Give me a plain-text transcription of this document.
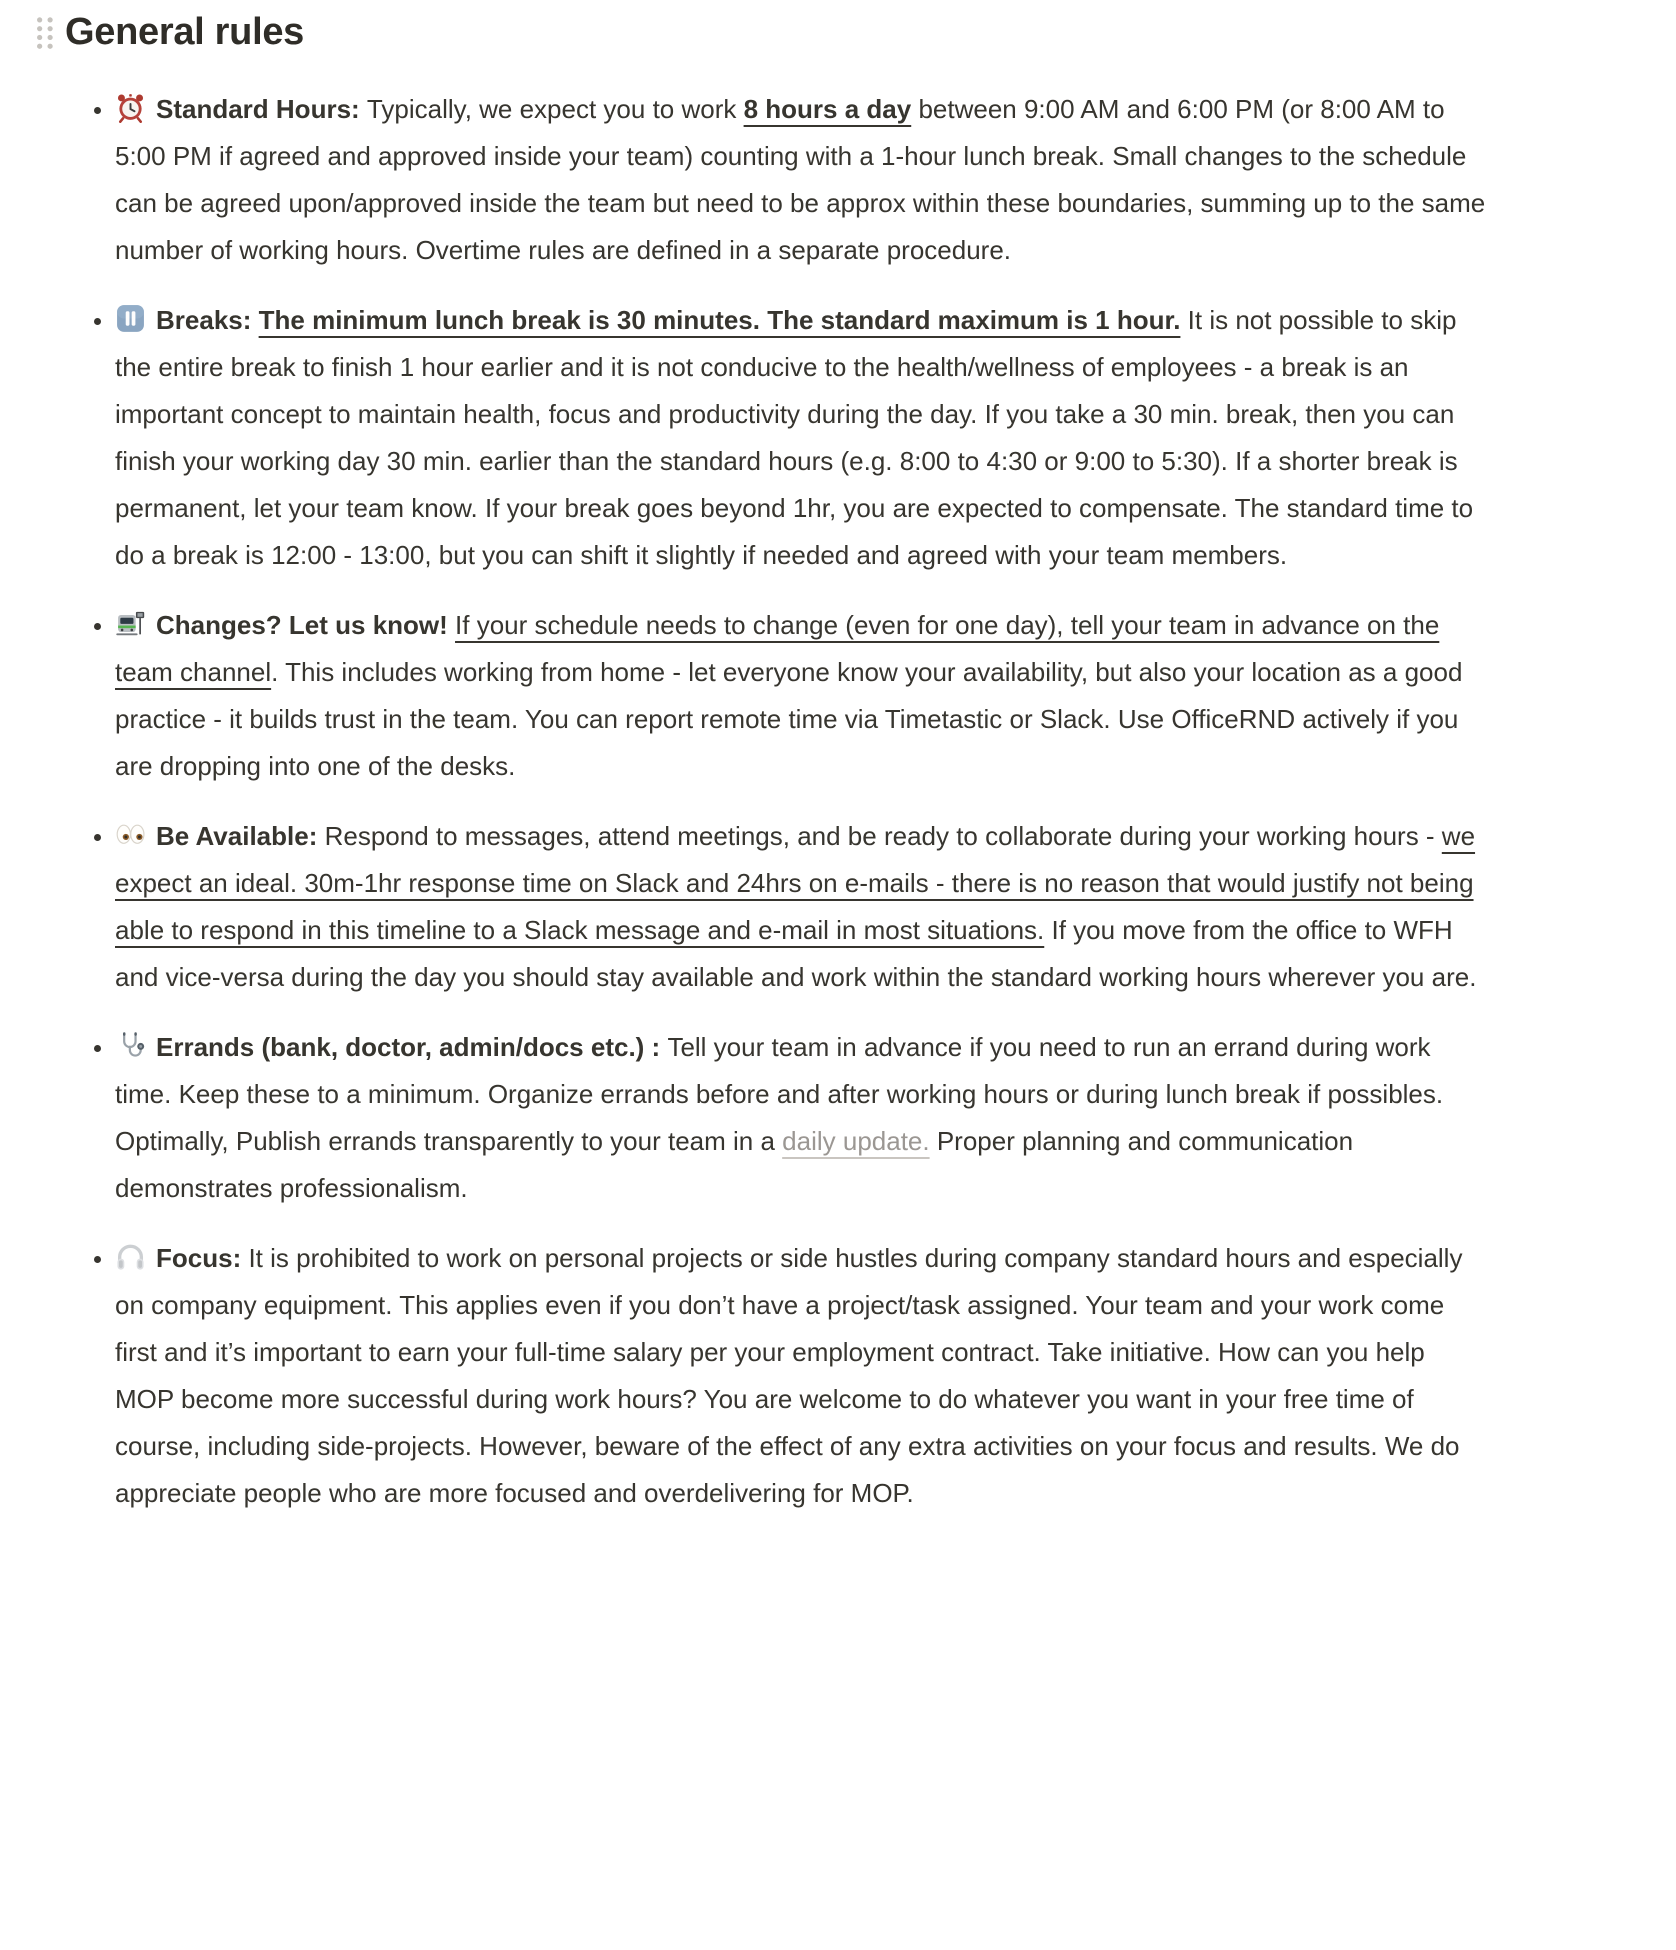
General rules
• Standard Hours: Typically, we expect you to work 8 hours a day between 9:00 AM and 6:00 PM (or 8:00 AM to 5:00 PM if agreed and approved inside your team) counting with a 1-hour lunch break. Small changes to the schedule can be agreed upon/approved inside the team but need to be approx within these boundaries, summing up to the same number of working hours. Overtime rules are defined in a separate procedure.
• Breaks: The minimum lunch break is 30 minutes. The standard maximum is 1 hour. It is not possible to skip the entire break to finish 1 hour earlier and it is not conducive to the health/wellness of employees - a break is an important concept to maintain health, focus and productivity during the day. If you take a 30 min. break, then you can finish your working day 30 min. earlier than the standard hours (e.g. 8:00 to 4:30 or 9:00 to 5:30). If a shorter break is permanent, let your team know. If your break goes beyond 1hr, you are expected to compensate. The standard time to do a break is 12:00 - 13:00, but you can shift it slightly if needed and agreed with your team members.
• Changes? Let us know! If your schedule needs to change (even for one day), tell your team in advance on the team channel. This includes working from home - let everyone know your availability, but also your location as a good practice - it builds trust in the team. You can report remote time via Timetastic or Slack. Use OfficeRND actively if you are dropping into one of the desks.
• Be Available: Respond to messages, attend meetings, and be ready to collaborate during your working hours - we expect an ideal. 30m-1hr response time on Slack and 24hrs on e-mails - there is no reason that would justify not being able to respond in this timeline to a Slack message and e-mail in most situations. If you move from the office to WFH and vice-versa during the day you should stay available and work within the standard working hours wherever you are.
• Errands (bank, doctor, admin/docs etc.) : Tell your team in advance if you need to run an errand during work time. Keep these to a minimum. Organize errands before and after working hours or during lunch break if possibles. Optimally, Publish errands transparently to your team in a daily update. Proper planning and communication demonstrates professionalism.
• Focus: It is prohibited to work on personal projects or side hustles during company standard hours and especially on company equipment. This applies even if you don’t have a project/task assigned. Your team and your work come first and it’s important to earn your full-time salary per your employment contract. Take initiative. How can you help MOP become more successful during work hours? You are welcome to do whatever you want in your free time of course, including side-projects. However, beware of the effect of any extra activities on your focus and results. We do appreciate people who are more focused and overdelivering for MOP.
